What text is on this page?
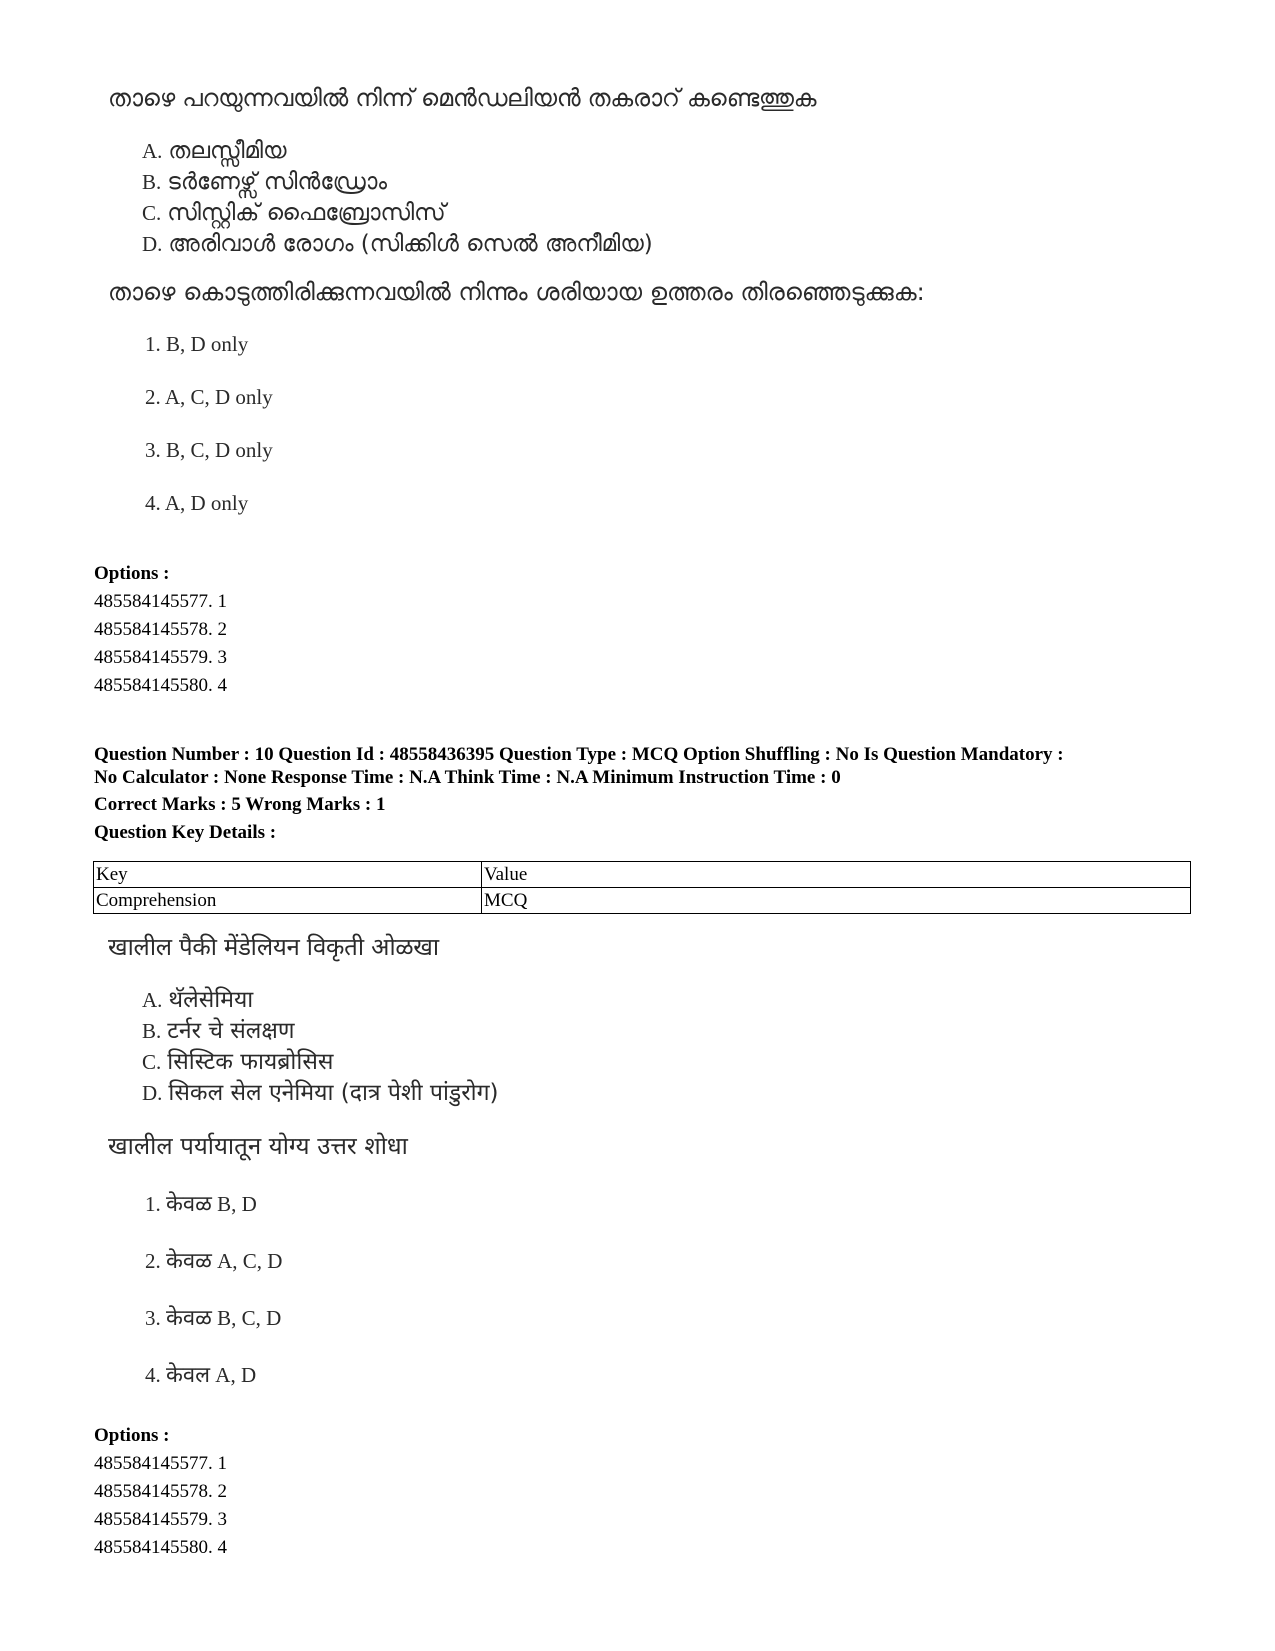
താഴെ പറയുന്നവയിൽ നിന്ന് മെൻഡലിയൻ തകരാറ് കണ്ടെത്തുക
A. തലസ്സീമിയ
B. ടർണേഴ്സ് സിൻഡ്രോം
C. സിസ്റ്റിക് ഫൈബ്രോസിസ്
D. അരിവാൾ രോഗം (സിക്കിൾ സെൽ അനീമിയ)
താഴെ കൊടുത്തിരിക്കുന്നവയിൽ നിന്നും ശരിയായ ഉത്തരം തിരഞ്ഞെടുക്കുക:
1. B, D only
2. A, C, D only
3. B, C, D only
4. A, D only
Options :
485584145577. 1
485584145578. 2
485584145579. 3
485584145580. 4
Question Number : 10 Question Id : 48558436395 Question Type : MCQ Option Shuffling : No Is Question Mandatory :
No Calculator : None Response Time : N.A Think Time : N.A Minimum Instruction Time : 0
Correct Marks : 5 Wrong Marks : 1
Question Key Details :
Key	Value
Comprehension	MCQ
खालील पैकी मेंडेलियन विकृती ओळखा
A. थॅलेसेमिया
B. टर्नर चे संलक्षण
C. सिस्टिक फायब्रोसिस
D. सिकल सेल एनेमिया (दात्र पेशी पांडुरोग)
खालील पर्यायातून योग्य उत्तर शोधा
1. केवळ B, D
2. केवळ A, C, D
3. केवळ B, C, D
4. केवल A, D
Options :
485584145577. 1
485584145578. 2
485584145579. 3
485584145580. 4
